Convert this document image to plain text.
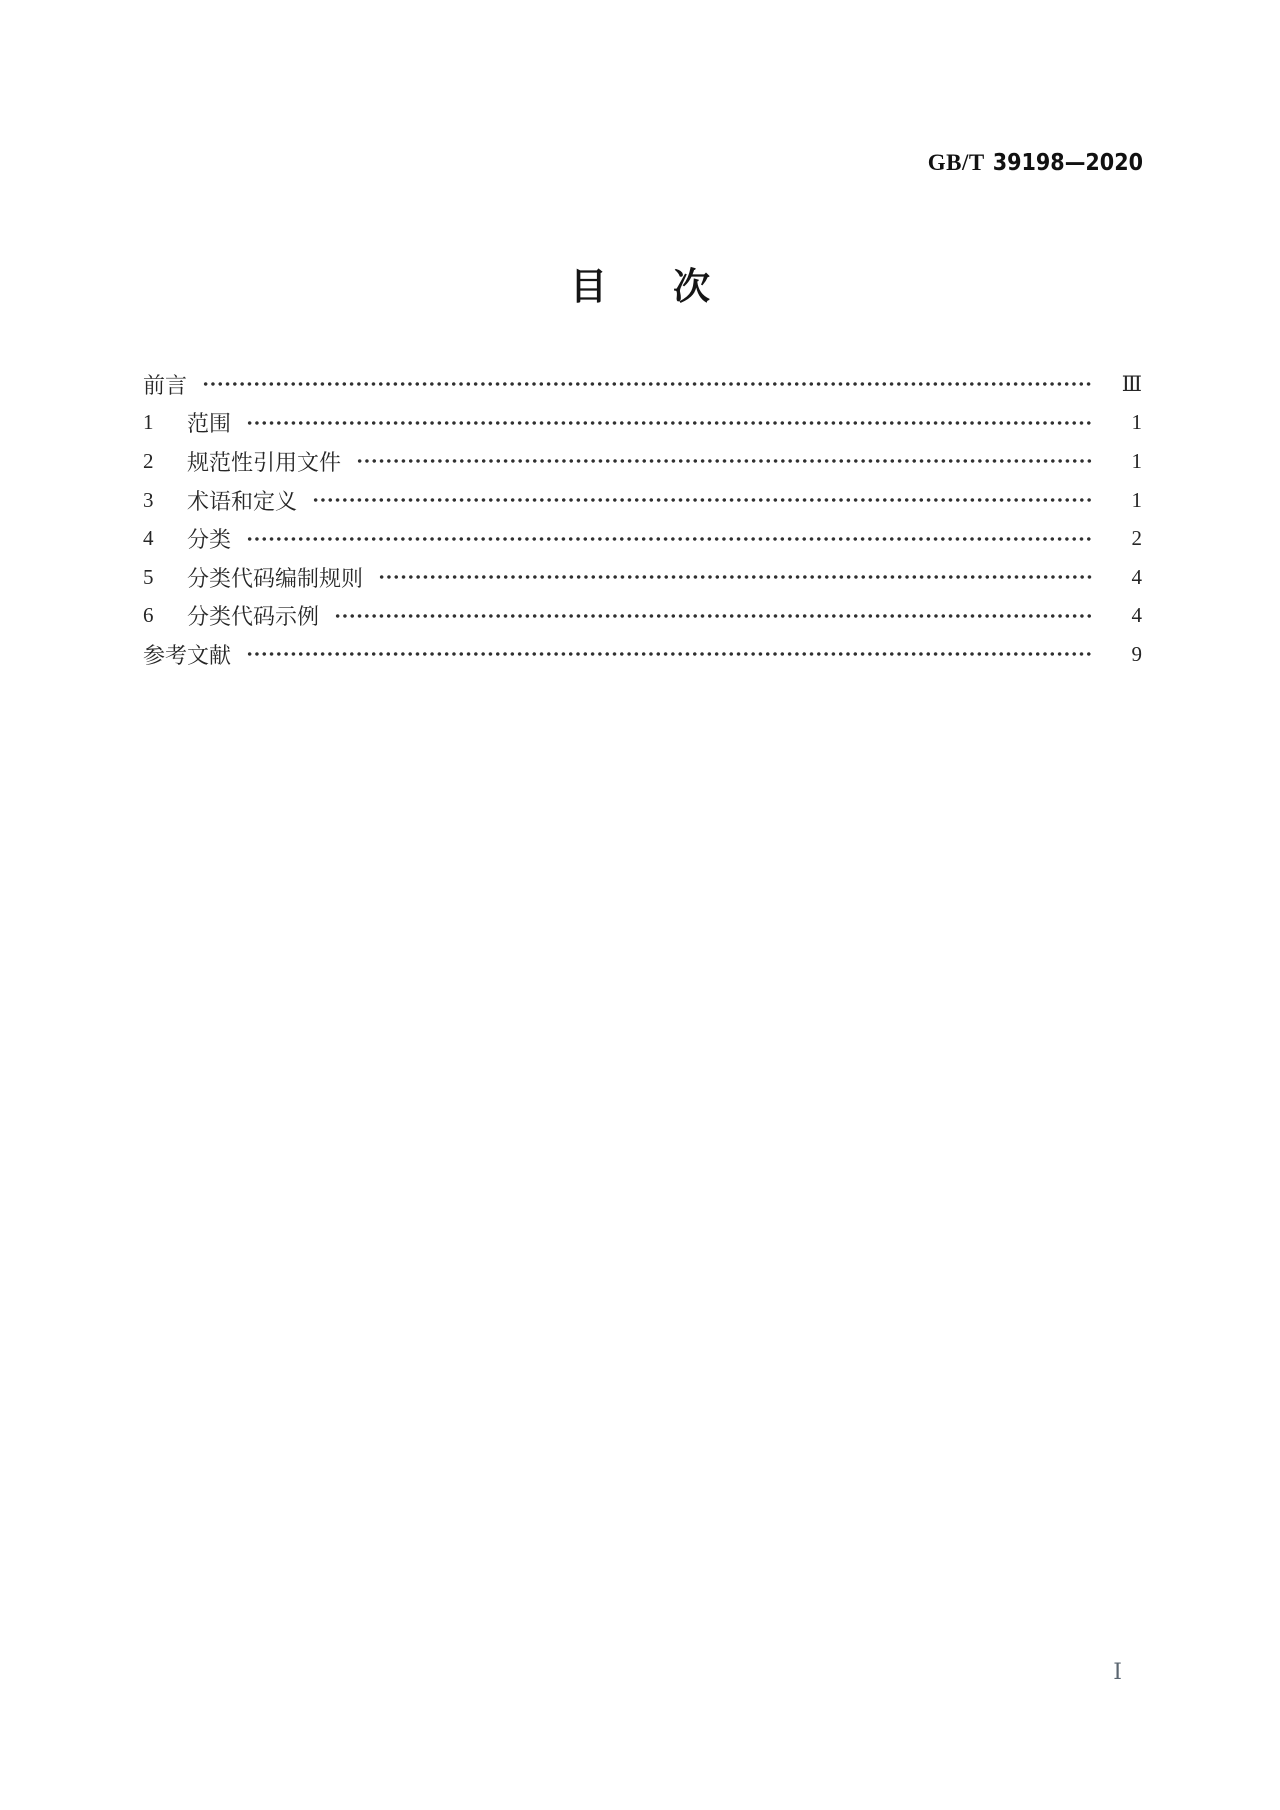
GB/T 39198—2020
目 次
前言	Ⅲ
1	范围	1
2	规范性引用文件	1
3	术语和定义	1
4	分类	2
5	分类代码编制规则	4
6	分类代码示例	4
参考文献	9
Ⅰ
